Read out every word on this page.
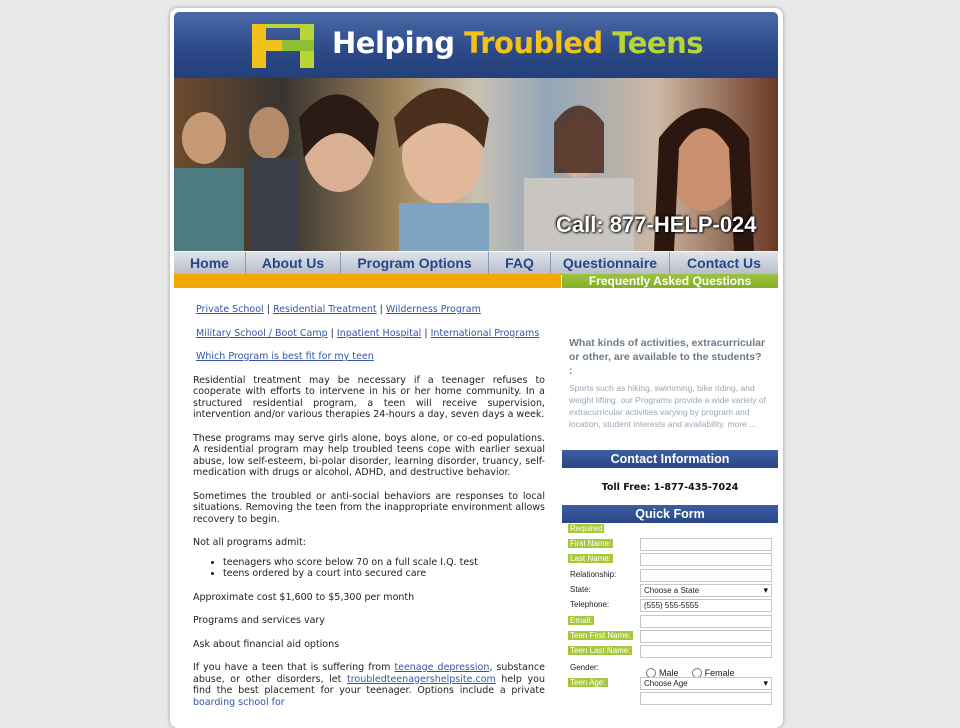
Helping Troubled Teens
Call: 877-HELP-024
Home	About Us	Program Options	FAQ	Questionnaire	Contact Us
Frequently Asked Questions
Private School | Residential Treatment | Wilderness Program
Military School / Boot Camp | Inpatient Hospital | International Programs
Which Program is best fit for my teen

Residential treatment may be necessary if a teenager refuses to cooperate with efforts to intervene in his or her home community. In a structured residential program, a teen will receive supervision, intervention and/or various therapies 24-hours a day, seven days a week.

These programs may serve girls alone, boys alone, or co-ed populations. A residential program may help troubled teens cope with earlier sexual abuse, low self-esteem, bi-polar disorder, learning disorder, truancy, self-medication with drugs or alcohol, ADHD, and destructive behavior.

Sometimes the troubled or anti-social behaviors are responses to local situations. Removing the teen from the inappropriate environment allows recovery to begin.

Not all programs admit:

• teenagers who score below 70 on a full scale I.Q. test
• teens ordered by a court into secured care

Approximate cost $1,600 to $5,300 per month

Programs and services vary

Ask about financial aid options

If you have a teen that is suffering from teenage depression, substance abuse, or other disorders, let troubledteenagershelpsite.com help you find the best placement for your teenager. Options include a private boarding school for

What kinds of activities, extracurricular or other, are available to the students?
:
Sports such as hiking, swimming, bike riding, and weight lifting. our Programs provide a wide variety of extracurricular activities varying by program and location, student interests and availability. more ...
Contact Information
Toll Free: 1-877-435-7024
Quick Form
Required
First Name:
Last Name:
Relationship:
State:	Choose a State ▾
Telephone:	(555) 555-5555
Email:
Teen First Name:
Teen Last Name:
Gender:	Male	Female
Teen Age:	Choose Age ▾
